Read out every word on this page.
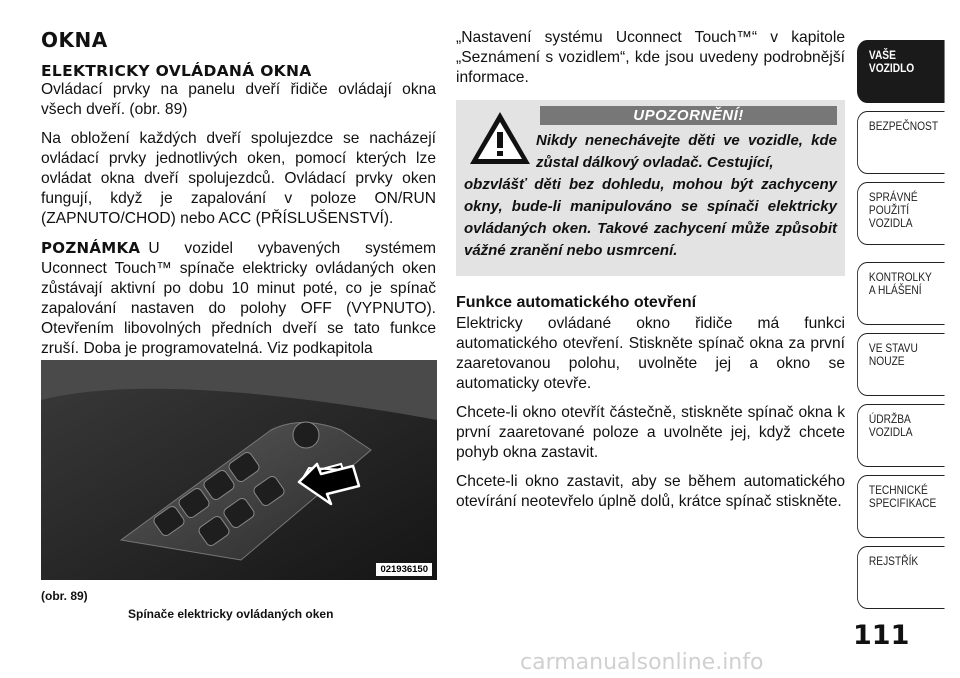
OKNA
ELEKTRICKY OVLÁDANÁ OKNA

Ovládací prvky na panelu dveří řidiče ovládají okna všech dveří. (obr. 89)

Na obložení každých dveří spolujezdce se nacházejí ovládací prvky jednotlivých oken, pomocí kterých lze ovládat okna dveří spolujezdců. Ovládací prvky oken fungují, když je zapalování v poloze ON/RUN (ZAPNUTO/CHOD) nebo ACC (PŘÍSLUŠENSTVÍ).

POZNÁMKA U vozidel vybavených systémem Uconnect Touch™ spínače elektricky ovládaných oken zůstávají aktivní po dobu 10 minut poté, co je spínač zapalování nastaven do polohy OFF (VYPNUTO). Otevřením libovolných předních dveří se tato funkce zruší. Doba je programovatelná. Viz podkapitola

021936150
(obr. 89)
Spínače elektricky ovládaných oken

„Nastavení systému Uconnect Touch™“ v kapitole „Seznámení s vozidlem“, kde jsou uvedeny podrobnější informace.

UPOZORNĚNÍ!
Nikdy nenechávejte děti ve vozidle, kde zůstal dálkový ovladač. Cestující,
obzvlášť děti bez dohledu, mohou být zachyceny okny, bude-li manipulováno se spínači elektricky ovládaných oken. Takové zachycení může způsobit vážné zranění nebo usmrcení.
Funkce automatického otevření

Elektricky ovládané okno řidiče má funkci automatického otevření. Stiskněte spínač okna za první zaaretovanou polohu, uvolněte jej a okno se automaticky otevře.

Chcete-li okno otevřít částečně, stiskněte spínač okna k první zaaretované poloze a uvolněte jej, když chcete pohyb okna zastavit.

Chcete-li okno zastavit, aby se během automatického otevírání neotevřelo úplně dolů, krátce spínač stiskněte.

VAŠE
VOZIDLO
BEZPEČNOST
SPRÁVNÉ
POUŽITÍ
VOZIDLA
KONTROLKY
A HLÁŠENÍ
VE STAVU
NOUZE
ÚDRŽBA
VOZIDLA
TECHNICKÉ
SPECIFIKACE
REJSTŘÍK
111
carmanualsonline.info
